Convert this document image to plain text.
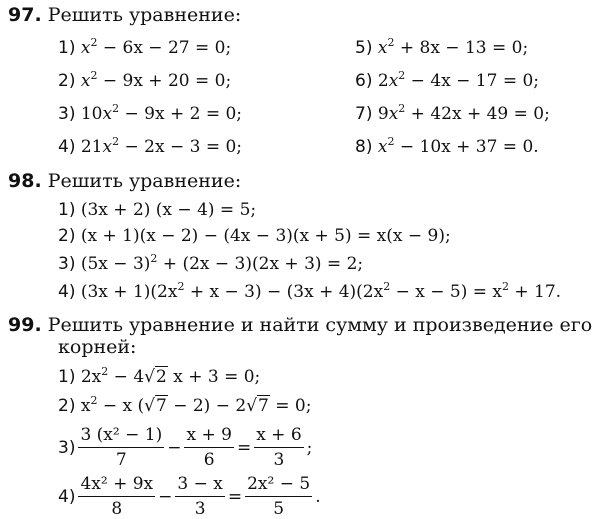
97. Решить уравнение:
1) $x^2 - 6x - 27 = 0$;
2) $x^2 - 9x + 20 = 0$;
3) $10x^2 - 9x + 2 = 0$;
4) $21x^2 - 2x - 3 = 0$;
5) $x^2 + 8x - 13 = 0$;
6) $2x^2 - 4x - 17 = 0$;
7) $9x^2 + 42x + 49 = 0$;
8) $x^2 - 10x + 37 = 0$.
98. Решить уравнение:
1) (3x + 2) (x − 4) = 5;
2) (x + 1)(x − 2) − (4x − 3)(x + 5) = x(x − 9);
3) $(5x - 3)^2 + (2x - 3)(2x + 3) = 2$;
4) $(3x + 1)(2x^2 + x - 3) - (3x + 4)(2x^2 - x - 5) = x^2 + 17$.
99. Решить уравнение и найти сумму и произведение его
корней:
1) $2x^2 - 4√2$ x + 3 = 0;
2) $x^2 - x$ (√7 − 2) − 2√7 = 0;
$3) \frac{\text{3 (x² − 1)}}{7} - \frac{x + 9}{6} = \frac{x + 6}{3}$ ;
$4) \frac{\text{4x² + 9x}}{8} - \frac{3 - x}{3} = \frac{\text{2x² − 5}}{5}$ .
